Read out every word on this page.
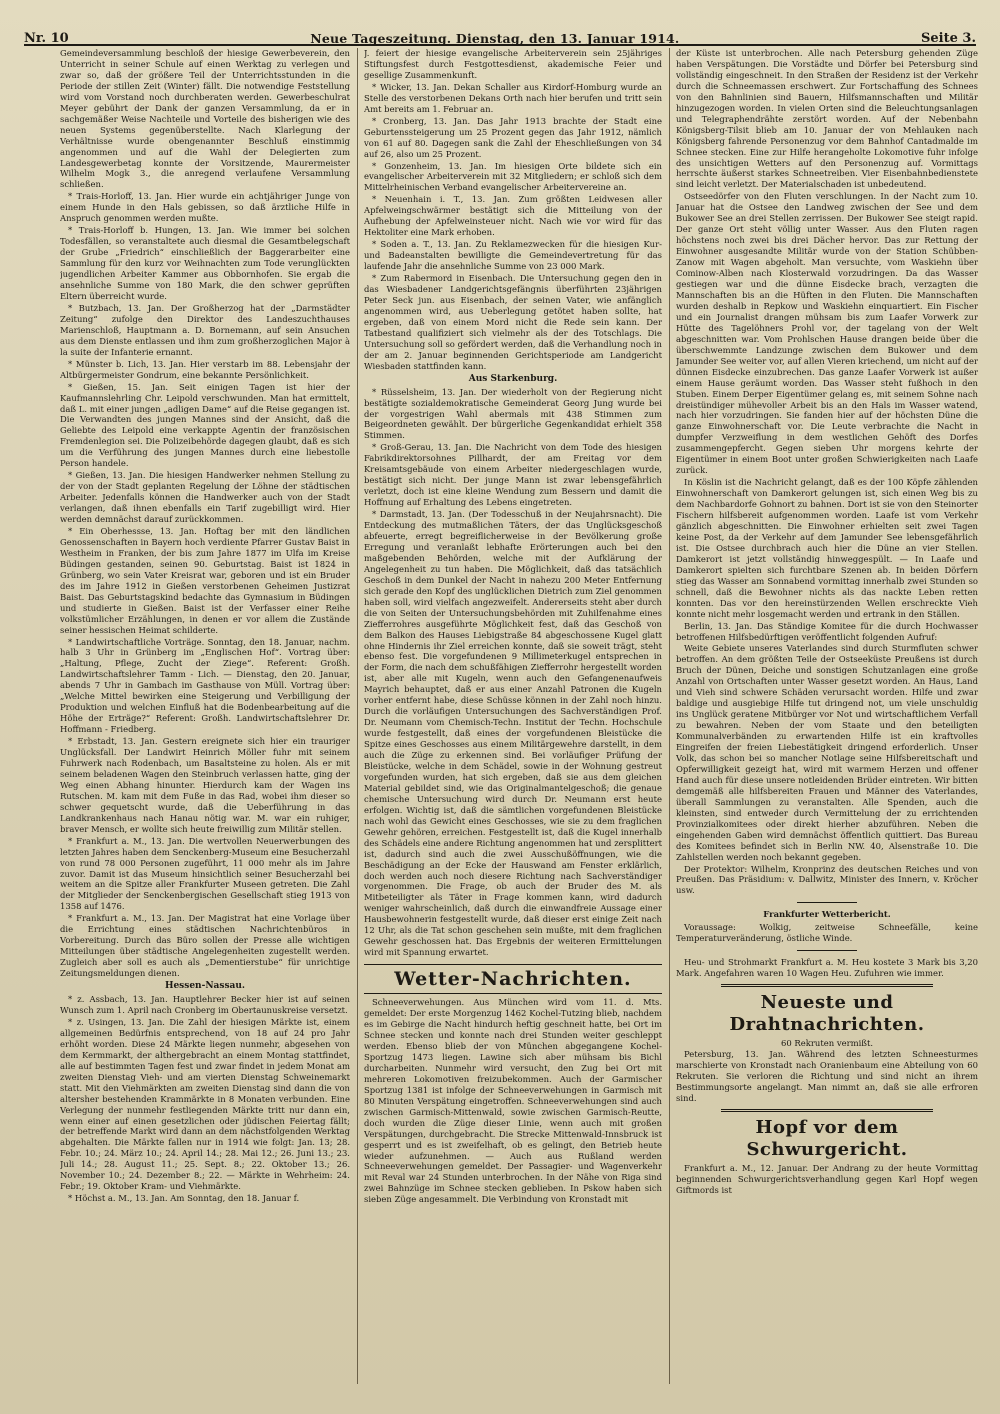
Nr. 10	Neue Tageszeitung. Dienstag, den 13. Januar 1914.	Seite 3.

Gemeindeversammlung beschloß der hiesige Gewerbeverein, den Unterricht in seiner Schule auf einen Werktag zu verlegen und zwar so, daß der größere Teil der Unterrichtsstunden in die Periode der stillen Zeit (Winter) fällt. Die notwendige Feststellung wird vom Vorstand noch durchberaten werden. Gewerbeschulrat Meyer gebührt der Dank der ganzen Versammlung, da er in sachgemäßer Weise Nachteile und Vorteile des bisherigen wie des neuen Systems gegenüberstellte. Nach Klarlegung der Verhältnisse wurde obengenannter Beschluß einstimmig angenommen und auf die Wahl der Delegierten zum Landesgewerbetag konnte der Vorsitzende, Maurermeister Wilhelm Mogk 3., die anregend verlaufene Versammlung schließen.

* Trais-Horloff, 13. Jan. Hier wurde ein achtjähriger Junge von einem Hunde in den Hals gebissen, so daß ärztliche Hilfe in Anspruch genommen werden mußte.

* Trais-Horloff b. Hungen, 13. Jan. Wie immer bei solchen Todesfällen, so veranstaltete auch diesmal die Gesamtbelegschaft der Grube „Friedrich“ einschließlich der Baggerarbeiter eine Sammlung für den kurz vor Weihnachten zum Tode verunglückten jugendlichen Arbeiter Kammer aus Obbornhofen. Sie ergab die ansehnliche Summe von 180 Mark, die den schwer geprüften Eltern überreicht wurde.

* Butzbach, 13. Jan. Der Großherzog hat der „Darmstädter Zeitung“ zufolge den Direktor des Landeszuchthauses Marienschloß, Hauptmann a. D. Bornemann, auf sein Ansuchen aus dem Dienste entlassen und ihm zum großherzoglichen Major à la suite der Infanterie ernannt.

* Münster b. Lich, 13. Jan. Hier verstarb im 88. Lebensjahr der Altbürgermeister Gondrum, eine bekannte Persönlichkeit.

* Gießen, 15. Jan. Seit einigen Tagen ist hier der Kaufmannslehrling Chr. Leipold verschwunden. Man hat ermittelt, daß L. mit einer jungen „adligen Dame“ auf die Reise gegangen ist. Die Verwandten des jungen Mannes sind der Ansicht, daß die Geliebte des Leipold eine verkappte Agentin der französischen Fremdenlegion sei. Die Polizeibehörde dagegen glaubt, daß es sich um die Verführung des jungen Mannes durch eine liebestolle Person handele.

* Gießen, 13. Jan. Die hiesigen Handwerker nehmen Stellung zu der von der Stadt geplanten Regelung der Löhne der städtischen Arbeiter. Jedenfalls können die Handwerker auch von der Stadt verlangen, daß ihnen ebenfalls ein Tarif zugebilligt wird. Hier werden demnächst darauf zurückkommen.

* Ein Oberhessse, 13. Jan. Hoftag ber mit den ländlichen Genossenschaften in Bayern hoch verdiente Pfarrer Gustav Baist in Westheim in Franken, der bis zum Jahre 1877 im Ulfa im Kreise Büdingen gestanden, seinen 90. Geburtstag. Baist ist 1824 in Grünberg, wo sein Vater Kreisrat war, geboren und ist ein Bruder des im Jahre 1912 in Gießen verstorbenen Geheimen Justizrat Baist. Das Geburtstagskind bedachte das Gymnasium in Büdingen und studierte in Gießen. Baist ist der Verfasser einer Reihe volkstümlicher Erzählungen, in denen er vor allem die Zustände seiner hessischen Heimat schilderte.

* Landwirtschaftliche Vorträge. Sonntag, den 18. Januar, nachm. halb 3 Uhr in Grünberg im „Englischen Hof“. Vortrag über: „Haltung, Pflege, Zucht der Ziege“. Referent: Großh. Landwirtschaftslehrer Tamm - Lich. — Dienstag, den 20. Januar, abends 7 Uhr in Gambach im Gasthause von Müll. Vortrag über: „Welche Mittel bewirken eine Steigerung und Verbilligung der Produktion und welchen Einfluß hat die Bodenbearbeitung auf die Höhe der Erträge?“ Referent: Großh. Landwirtschaftslehrer Dr. Hoffmann - Friedberg.

* Erbstadt, 13. Jan. Gestern ereignete sich hier ein trauriger Unglücksfall. Der Landwirt Heinrich Möller fuhr mit seinem Fuhrwerk nach Rodenbach, um Basaltsteine zu holen. Als er mit seinem beladenen Wagen den Steinbruch verlassen hatte, ging der Weg einen Abhang hinunter. Hierdurch kam der Wagen ins Rutschen. M. kam mit dem Fuße in das Rad, wobei ihm dieser so schwer gequetscht wurde, daß die Ueberführung in das Landkrankenhaus nach Hanau nötig war. M. war ein ruhiger, braver Mensch, er wollte sich heute freiwillig zum Militär stellen.

* Frankfurt a. M., 13. Jan. Die wertvollen Neuerwerbungen des letzten Jahres haben dem Senckenberg-Museum eine Besucherzahl von rund 78 000 Personen zugeführt, 11 000 mehr als im Jahre zuvor. Damit ist das Museum hinsichtlich seiner Besucherzahl bei weitem an die Spitze aller Frankfurter Museen getreten. Die Zahl der Mitglieder der Senckenbergischen Gesellschaft stieg 1913 von 1358 auf 1476.

* Frankfurt a. M., 13. Jan. Der Magistrat hat eine Vorlage über die Errichtung eines städtischen Nachrichtenbüros in Vorbereitung. Durch das Büro sollen der Presse alle wichtigen Mitteilungen über städtische Angelegenheiten zugestellt werden. Zugleich aber soll es auch als „Dementierstube“ für unrichtige Zeitungsmeldungen dienen.

Hessen-Nassau.

* z. Assbach, 13. Jan. Hauptlehrer Becker hier ist auf seinen Wunsch zum 1. April nach Cronberg im Obertaunuskreise versetzt.

* z. Usingen, 13. Jan. Die Zahl der hiesigen Märkte ist, einem allgemeinen Bedürfnis entsprechend, von 18 auf 24 pro Jahr erhöht worden. Diese 24 Märkte liegen nunmehr, abgesehen von dem Kermmarkt, der althergebracht an einem Montag stattfindet, alle auf bestimmten Tagen fest und zwar findet in jedem Monat am zweiten Dienstag Vieh- und am vierten Dienstag Schweinemarkt statt. Mit den Viehmärkten am zweiten Dienstag sind dann die von altersher bestehenden Krammärkte in 8 Monaten verbunden. Eine Verlegung der nunmehr festliegenden Märkte tritt nur dann ein, wenn einer auf einen gesetzlichen oder jüdischen Feiertag fällt; der betreffende Markt wird dann an dem nächstfolgenden Werktag abgehalten. Die Märkte fallen nur in 1914 wie folgt: Jan. 13; 28. Febr. 10.; 24. März 10.; 24. April 14.; 28. Mai 12.; 26. Juni 13.; 23. Juli 14.; 28. August 11.; 25. Sept. 8.; 22. Oktober 13.; 26. November 10.; 24. Dezember 8.; 22. — Märkte in Wehrheim: 24. Febr.; 19. Oktober Kram- und Viehmärkte.

* Höchst a. M., 13. Jan. Am Sonntag, den 18. Januar f.

J. feiert der hiesige evangelische Arbeiterverein sein 25jähriges Stiftungsfest durch Festgottesdienst, akademische Feier und gesellige Zusammenkunft.

* Wicker, 13. Jan. Dekan Schaller aus Kirdorf-Homburg wurde an Stelle des verstorbenen Dekans Orth nach hier berufen und tritt sein Amt bereits am 1. Februar an.

* Cronberg, 13. Jan. Das Jahr 1913 brachte der Stadt eine Geburtenssteigerung um 25 Prozent gegen das Jahr 1912, nämlich von 61 auf 80. Dagegen sank die Zahl der Eheschließungen von 34 auf 26, also um 25 Prozent.

* Gonzenheim, 13. Jan. Im hiesigen Orte bildete sich ein evangelischer Arbeiterverein mit 32 Mitgliedern; er schloß sich dem Mittelrheinischen Verband evangelischer Arbeitervereine an.

* Neuenhain i. T., 13. Jan. Zum größten Leidwesen aller Apfelweingschwärmer bestätigt sich die Mitteilung von der Aufhebung der Apfelweinsteuer nicht. Nach wie vor wird für das Hektoliter eine Mark erhoben.

* Soden a. T., 13. Jan. Zu Reklamezwecken für die hiesigen Kur- und Badeanstalten bewilligte die Gemeindevertretung für das laufende Jahr die ansehnliche Summe von 23 000 Mark.

* Zum Rabermord in Eisenbach. Die Untersuchung gegen den in das Wiesbadener Landgerichtsgefängnis überführten 23jährigen Peter Seck jun. aus Eisenbach, der seinen Vater, wie anfänglich angenommen wird, aus Ueberlegung getötet haben sollte, hat ergeben, daß von einem Mord nicht die Rede sein kann. Der Tatbestand qualifiziert sich vielmehr als der des Totschlags. Die Untersuchung soll so gefördert werden, daß die Verhandlung noch in der am 2. Januar beginnenden Gerichtsperiode am Landgericht Wiesbaden stattfinden kann.

Aus Starkenburg.

* Rüsselsheim, 13. Jan. Der wiederholt von der Regierung nicht bestätigte sozialdemokratische Gemeinderat Georg Jung wurde bei der vorgestrigen Wahl abermals mit 438 Stimmen zum Beigeordneten gewählt. Der bürgerliche Gegenkandidat erhielt 358 Stimmen.

* Groß-Gerau, 13. Jan. Die Nachricht von dem Tode des hiesigen Fabrikdirektorsohnes Pillhardt, der am Freitag vor dem Kreisamtsgebäude von einem Arbeiter niedergeschlagen wurde, bestätigt sich nicht. Der junge Mann ist zwar lebensgefährlich verletzt, doch ist eine kleine Wendung zum Bessern und damit die Hoffnung auf Erhaltung des Lebens eingetreten.

* Darmstadt, 13. Jan. (Der Todesschuß in der Neujahrsnacht). Die Entdeckung des mutmaßlichen Täters, der das Unglücksgeschoß abfeuerte, erregt begreiflicherweise in der Bevölkerung große Erregung und veranlaßt lebhafte Erörterungen auch bei den maßgebenden Behörden, welche mit der Aufklärung der Angelegenheit zu tun haben. Die Möglichkeit, daß das tatsächlich Geschoß in dem Dunkel der Nacht in nahezu 200 Meter Entfernung sich gerade den Kopf des unglücklichen Dietrich zum Ziel genommen haben soll, wird vielfach angezweifelt. Andererseits steht aber durch die von Seiten der Untersuchungsbehörden mit Zuhilfenahme eines Ziefferrohres ausgeführte Möglichkeit fest, daß das Geschoß von dem Balkon des Hauses Liebigstraße 84 abgeschossene Kugel glatt ohne Hindernis ihr Ziel erreichen konnte, daß sie soweit trägt, steht ebenso fest. Die vorgefundenen 9 Millimeterkugel entsprechen in der Form, die nach dem schußfähigen Ziefferrohr hergestellt worden ist, aber alle mit Kugeln, wenn auch den Gefangenenaufweis Mayrich behauptet, daß er aus einer Anzahl Patronen die Kugeln vorher entfernt habe, diese Schüsse können in der Zahl noch hinzu. Durch die vorläufigen Untersuchungen des Sachverständigen Prof. Dr. Neumann vom Chemisch-Techn. Institut der Techn. Hochschule wurde festgestellt, daß eines der vorgefundenen Bleistücke die Spitze eines Geschosses aus einem Militärgewehre darstellt, in dem auch die Züge zu erkennen sind. Bei vorläufiger Prüfung der Bleistücke, welche in dem Schädel, sowie in der Wohnung gestreut vorgefunden wurden, hat sich ergeben, daß sie aus dem gleichen Material gebildet sind, wie das Originalmantelgeschoß; die genaue chemische Untersuchung wird durch Dr. Neumann erst heute erfolgen. Wichtig ist, daß die sämtlichen vorgefundenen Bleistücke nach wohl das Gewicht eines Geschosses, wie sie zu dem fraglichen Gewehr gehören, erreichen. Festgestellt ist, daß die Kugel innerhalb des Schädels eine andere Richtung angenommen hat und zersplittert ist, dadurch sind auch die zwei Ausschußöffnungen, wie die Beschädigung an der Ecke der Hauswand am Fenster erklärlich, doch werden auch noch diesere Richtung nach Sachverständiger vorgenommen. Die Frage, ob auch der Bruder des M. als Mitbeteiligter als Täter in Frage kommen kann, wird dadurch weniger wahrscheinlich, daß durch die einwandfreie Aussage einer Hausbewohnerin festgestellt wurde, daß dieser erst einige Zeit nach 12 Uhr, als die Tat schon geschehen sein mußte, mit dem fraglichen Gewehr geschossen hat. Das Ergebnis der weiteren Ermittelungen wird mit Spannung erwartet.

Wetter-Nachrichten.

Schneeverwehungen. Aus München wird vom 11. d. Mts. gemeldet: Der erste Morgenzug 1462 Kochel-Tutzing blieb, nachdem es im Gebirge die Nacht hindurch heftig geschneit hatte, bei Ort im Schnee stecken und konnte nach drei Stunden weiter geschleppt werden. Ebenso blieb der von München abgegangene Kochel-Sportzug 1473 liegen. Lawine sich aber mühsam bis Bichl durcharbeiten. Nunmehr wird versucht, den Zug bei Ort mit mehreren Lokomotiven freizubekommen. Auch der Garmischer Sportzug 1381 ist infolge der Schneeverwehungen in Garmisch mit 80 Minuten Verspätung eingetroffen. Schneeverwehungen sind auch zwischen Garmisch-Mittenwald, sowie zwischen Garmisch-Reutte, doch wurden die Züge dieser Linie, wenn auch mit großen Verspätungen, durchgebracht. Die Strecke Mittenwald-Innsbruck ist gesperrt und es ist zweifelhaft, ob es gelingt, den Betrieb heute wieder aufzunehmen. — Auch aus Rußland werden Schneeverwehungen gemeldet. Der Passagier- und Wagenverkehr mit Reval war 24 Stunden unterbrochen. In der Nähe von Riga sind zwei Bahnzüge im Schnee stecken geblieben. In Pskow haben sich sieben Züge angesammelt. Die Verbindung von Kronstadt mit

der Küste ist unterbrochen. Alle nach Petersburg gehenden Züge haben Verspätungen. Die Vorstädte und Dörfer bei Petersburg sind vollständig eingeschneit. In den Straßen der Residenz ist der Verkehr durch die Schneemassen erschwert. Zur Fortschaffung des Schnees von den Bahnlinien sind Bauern, Hilfsmannschaften und Militär hinzugezogen worden. In vielen Orten sind die Beleuchtungsanlagen und Telegraphendrähte zerstört worden. Auf der Nebenbahn Königsberg-Tilsit blieb am 10. Januar der von Mehlauken nach Königsberg fahrende Personenzug vor dem Bahnhof Cantadmalde im Schnee stecken. Eine zur Hilfe herangeholte Lokomotive fuhr infolge des unsichtigen Wetters auf den Personenzug auf. Vormittags herrschte äußerst starkes Schneetreiben. Vier Eisenbahnbedienstete sind leicht verletzt. Der Materialschaden ist unbedeutend.

Ostseedörfer von den Fluten verschlungen. In der Nacht zum 10. Januar hat die Ostsee den Landweg zwischen der See und dem Bukower See an drei Stellen zerrissen. Der Bukower See steigt rapid. Der ganze Ort steht völlig unter Wasser. Aus den Fluten ragen höchstens noch zwei bis drei Dächer hervor. Das zur Rettung der Einwohner ausgesandte Militär wurde von der Station Schübben-Zanow mit Wagen abgeholt. Man versuchte, vom Waskiehn über Cominow-Alben nach Klosterwald vorzudringen. Da das Wasser gestiegen war und die dünne Eisdecke brach, verzagten die Mannschaften bis an die Hüften in den Fluten. Die Mannschaften wurden deshalb in Repkow und Waskiehn einquartiert. Ein Fischer und ein Journalist drangen mühsam bis zum Laafer Vorwerk zur Hütte des Tagelöhners Prohl vor, der tagelang von der Welt abgeschnitten war. Vom Prohlschen Hause drangen beide über die überschwemmte Landzunge zwischen dem Bukower und dem Jamunder See weiter vor, auf allen Vieren kriechend, um nicht auf der dünnen Eisdecke einzubrechen. Das ganze Laafer Vorwerk ist außer einem Hause geräumt worden. Das Wasser steht fußhoch in den Stuben. Einem Derper Eigentümer gelang es, mit seinem Sohne nach dreistündiger mühevoller Arbeit bis an den Hals im Wasser watend, nach hier vorzudringen. Sie fanden hier auf der höchsten Düne die ganze Einwohnerschaft vor. Die Leute verbrachte die Nacht in dumpfer Verzweiflung in dem westlichen Gehöft des Dorfes zusammengepfercht. Gegen sieben Uhr morgens kehrte der Eigentümer in einem Boot unter großen Schwierigkeiten nach Laafe zurück.

In Köslin ist die Nachricht gelangt, daß es der 100 Köpfe zählenden Einwohnerschaft von Damkerort gelungen ist, sich einen Weg bis zu dem Nachbardorfe Gohnort zu bahnen. Dort ist sie von den Steinorter Fischern hilfsbereit aufgenommen worden. Laafe ist vom Verkehr gänzlich abgeschnitten. Die Einwohner erhielten seit zwei Tagen keine Post, da der Verkehr auf dem Jamunder See lebensgefährlich ist. Die Ostsee durchbrach auch hier die Düne an vier Stellen. Damkerort ist jetzt vollständig hinweggespült. — In Laafe und Damkerort spielten sich furchtbare Szenen ab. In beiden Dörfern stieg das Wasser am Sonnabend vormittag innerhalb zwei Stunden so schnell, daß die Bewohner nichts als das nackte Leben retten konnten. Das vor den hereinstürzenden Wellen erschreckte Vieh konnte nicht mehr losgemacht werden und ertrank in den Ställen.

Berlin, 13. Jan. Das Ständige Komitee für die durch Hochwasser betroffenen Hilfsbedürftigen veröffentlicht folgenden Aufruf:

Weite Gebiete unseres Vaterlandes sind durch Sturmfluten schwer betroffen. An dem größten Teile der Ostseeküste Preußens ist durch Bruch der Dünen, Deiche und sonstigen Schutzanlagen eine große Anzahl von Ortschaften unter Wasser gesetzt worden. An Haus, Land und Vieh sind schwere Schäden verursacht worden. Hilfe und zwar baldige und ausgiebige Hilfe tut dringend not, um viele unschuldig ins Unglück geratene Mitbürger vor Not und wirtschaftlichem Verfall zu bewahren. Neben der vom Staate und den beteiligten Kommunalverbänden zu erwartenden Hilfe ist ein kraftvolles Eingreifen der freien Liebestätigkeit dringend erforderlich. Unser Volk, das schon bei so mancher Notlage seine Hilfsbereitschaft und Opferwilligkeit gezeigt hat, wird mit warmem Herzen und offener Hand auch für diese unsere notleidenden Brüder eintreten. Wir bitten demgemäß alle hilfsbereiten Frauen und Männer des Vaterlandes, überall Sammlungen zu veranstalten. Alle Spenden, auch die kleinsten, sind entweder durch Vermittelung der zu errichtenden Provinzialkomitees oder direkt hierher abzuführen. Neben die eingehenden Gaben wird demnächst öffentlich quittiert. Das Bureau des Komitees befindet sich in Berlin NW. 40, Alsenstraße 10. Die Zahlstellen werden noch bekannt gegeben.

Der Protektor: Wilhelm, Kronprinz des deutschen Reiches und von Preußen. Das Präsidium: v. Dallwitz, Minister des Innern, v. Kröcher usw.

Frankfurter Wetterbericht.

Voraussage: Wolkig, zeitweise Schneefälle, keine Temperaturveränderung, östliche Winde.

Heu- und Strohmarkt Frankfurt a. M. Heu kostete 3 Mark bis 3,20 Mark. Angefahren waren 10 Wagen Heu. Zufuhren wie immer.

Neueste und Drahtnachrichten.
60 Rekruten vermißt.

Petersburg, 13. Jan. Während des letzten Schneesturmes marschierte von Kronstadt nach Oranienbaum eine Abteilung von 60 Rekruten. Sie verloren die Richtung und sind nicht an ihrem Bestimmungsorte angelangt. Man nimmt an, daß sie alle erfroren sind.

Hopf vor dem Schwurgericht.

Frankfurt a. M., 12. Januar. Der Andrang zu der heute Vormittag beginnenden Schwurgerichtsverhandlung gegen Karl Hopf wegen Giftmords ist
